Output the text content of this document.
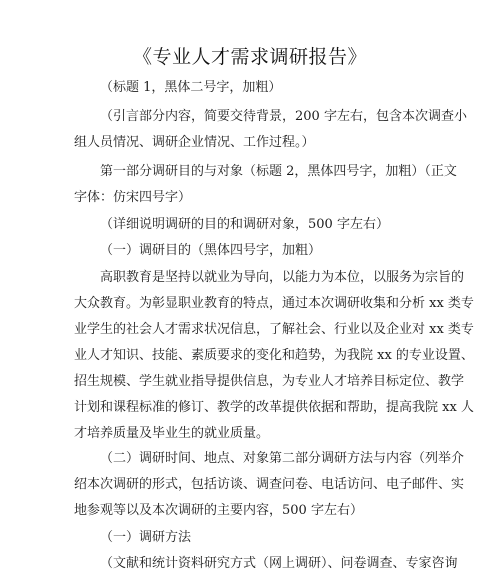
《专业人才需求调研报告》
（标题 1，黑体二号字，加粗）
（引言部分内容，简要交待背景，200 字左右，包含本次调查小
组人员情况、调研企业情况、工作过程。）
第一部分调研目的与对象（标题 2，黑体四号字，加粗）（正文
字体：仿宋四号字）
（详细说明调研的目的和调研对象，500 字左右）
（一）调研目的（黑体四号字，加粗）
高职教育是坚持以就业为导向，以能力为本位，以服务为宗旨的
大众教育。为彰显职业教育的特点，通过本次调研收集和分析 xx 类专
业学生的社会人才需求状况信息，了解社会、行业以及企业对 xx 类专
业人才知识、技能、素质要求的变化和趋势，为我院 xx 的专业设置、
招生规模、学生就业指导提供信息，为专业人才培养目标定位、教学
计划和课程标准的修订、教学的改革提供依据和帮助，提高我院 xx 人
才培养质量及毕业生的就业质量。
（二）调研时间、地点、对象第二部分调研方法与内容（列举介
绍本次调研的形式，包括访谈、调查问卷、电话访问、电子邮件、实
地参观等以及本次调研的主要内容，500 字左右）
（一）调研方法
（文献和统计资料研究方式（网上调研）、问卷调查、专家咨询
